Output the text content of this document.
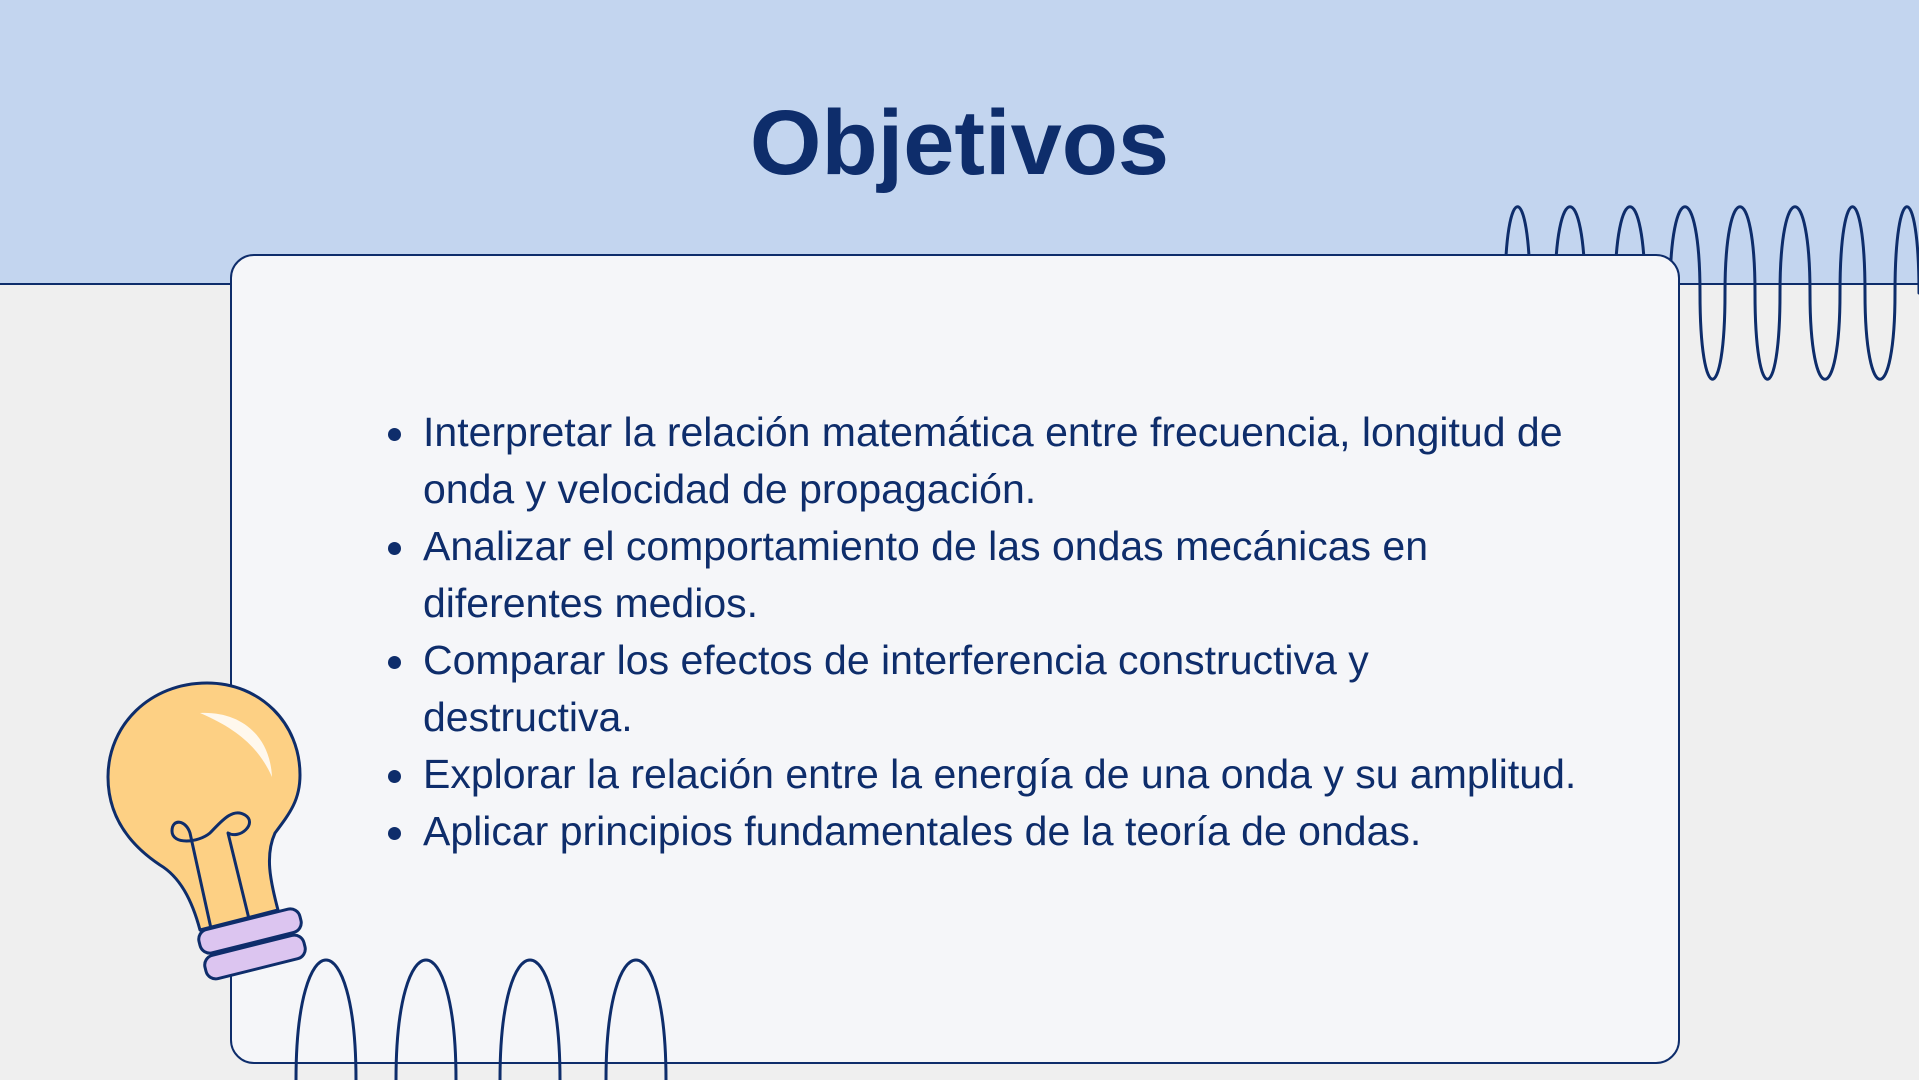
Objetivos
Interpretar la relación matemática entre frecuencia, longitud de onda y velocidad de propagación.
Analizar el comportamiento de las ondas mecánicas en diferentes medios.
Comparar los efectos de interferencia constructiva y destructiva.
Explorar la relación entre la energía de una onda y su amplitud.
Aplicar principios fundamentales de la teoría de ondas.
